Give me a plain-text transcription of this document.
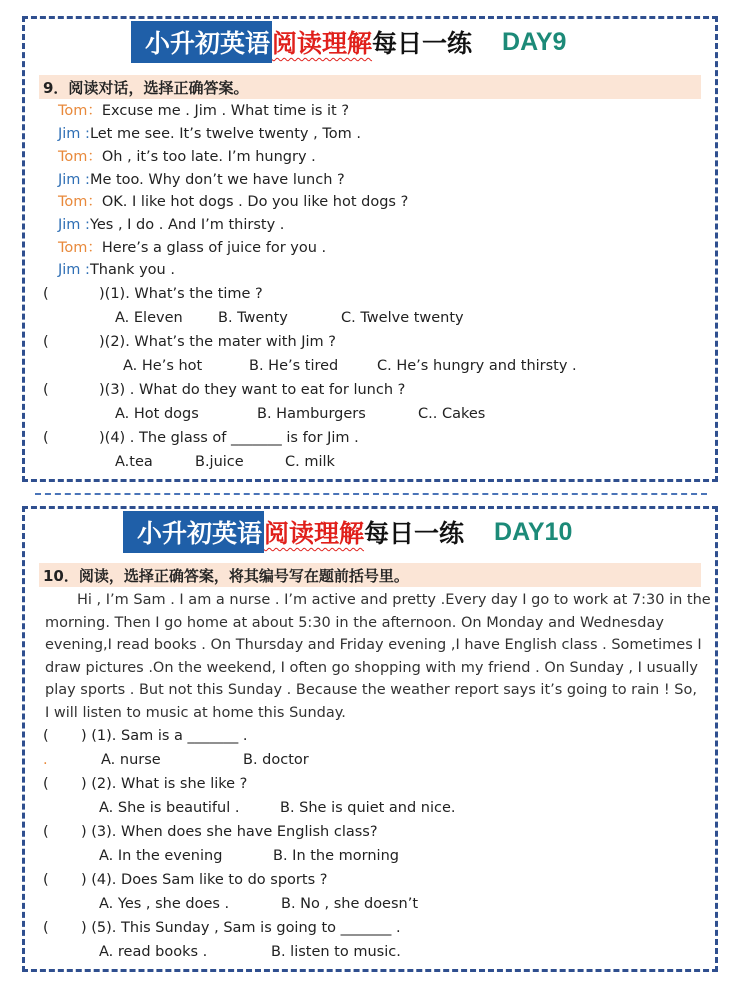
小升初英语 阅读理解 每日一练 DAY9
9．阅读对话，选择正确答案。
Tom：Excuse me . Jim . What time is it ?
Jim :Let me see. It’s twelve twenty , Tom .
Tom：Oh , it’s too late. I’m hungry .
Jim :Me too. Why don’t we have lunch ?
Tom：OK. I like hot dogs . Do you like hot dogs ?
Jim :Yes , I do . And I’m thirsty .
Tom：Here’s a glass of juice for you .
Jim :Thank you .
(	)(1). What’s the time ?
A. Eleven B. Twenty	C. Twelve twenty
(	)(2). What’s the mater with Jim ?
A. He’s hot	B. He’s tired	C. He’s hungry and thirsty .
(	)(3) . What do they want to eat for lunch ?
A. Hot dogs	B. Hamburgers	C.. Cakes
(	)(4) . The glass of _______ is for Jim .
A.tea	B.juice	C. milk
小升初英语 阅读理解 每日一练 DAY10
10．阅读，选择正确答案，将其编号写在题前括号里。
Hi , I’m Sam . I am a nurse . I’m active and pretty .Every day I go to work at 7:30 in the
morning. Then I go home at about 5:30 in the afternoon. On Monday and Wednesday
evening,I read books . On Thursday and Friday evening ,I have English class . Sometimes I
draw pictures .On the weekend, I often go shopping with my friend . On Sunday , I usually
play sports . But not this Sunday . Because the weather report says it’s going to rain ! So,
I will listen to music at home this Sunday.
( ) (1). Sam is a _______ .
.	A. nurse	B. doctor
( ) (2). What is she like ?
A. She is beautiful .	B. She is quiet and nice.
( ) (3). When does she have English class?
A. In the evening	B. In the morning
( ) (4). Does Sam like to do sports ?
A. Yes , she does .	B. No , she doesn’t
( ) (5). This Sunday , Sam is going to _______ .
A. read books .	B. listen to music.
